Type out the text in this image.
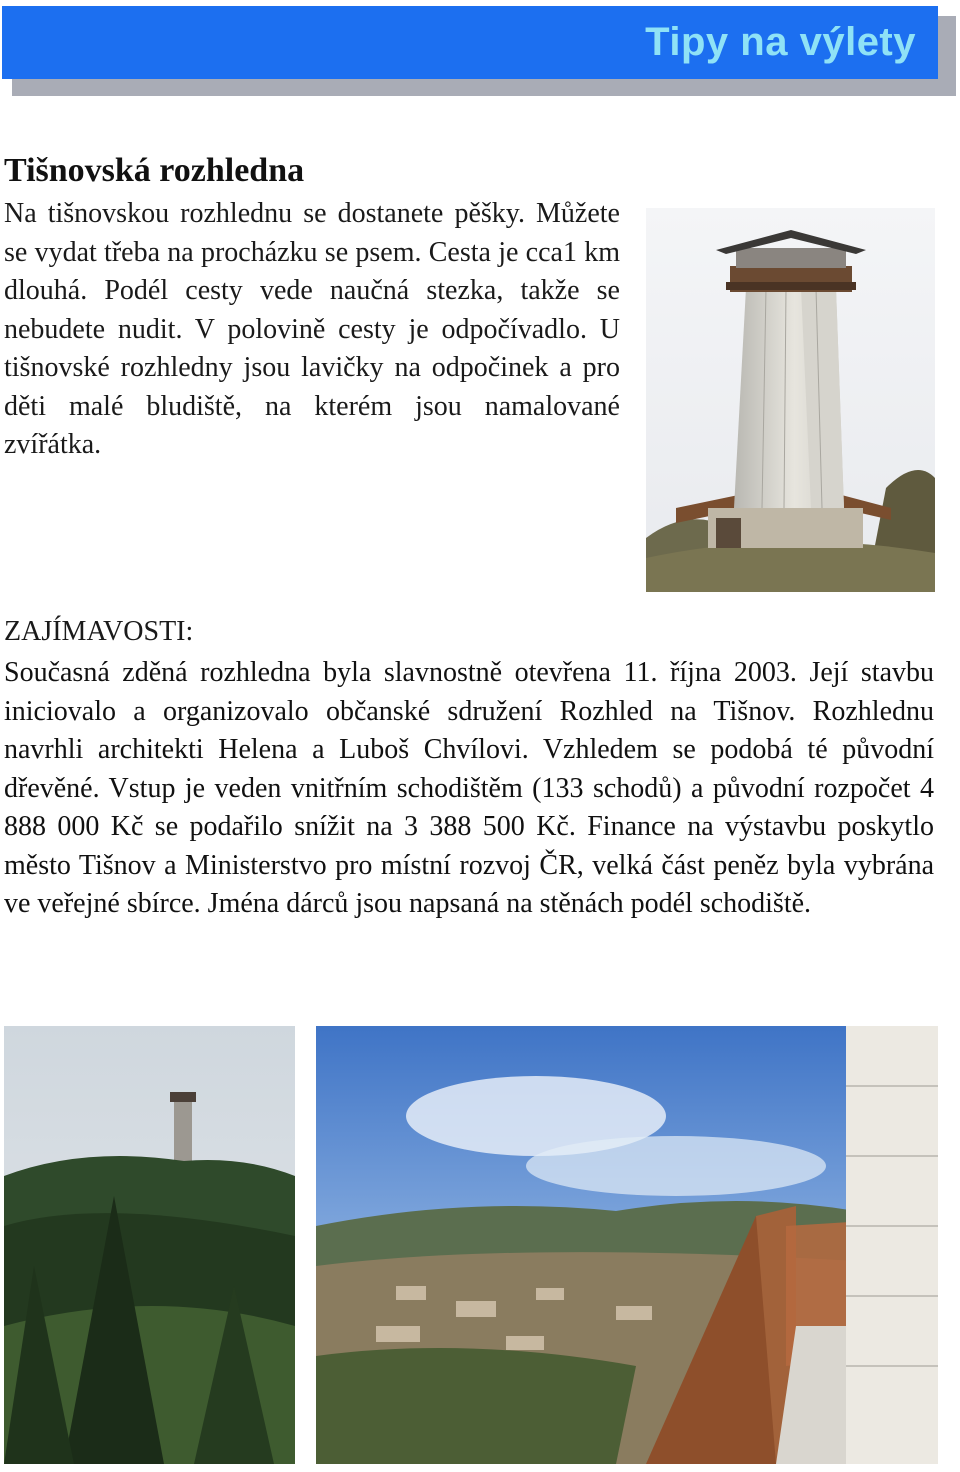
Tipy na výlety
Tišnovská rozhledna

Na tišnovskou rozhlednu se dostanete pěšky. Můžete se vydat třeba na procházku se psem. Cesta je cca1 km dlouhá. Podél cesty vede naučná stezka, takže se nebudete nudit. V polovině cesty je odpočívadlo. U tišnovské rozhledny jsou lavičky na odpočinek a pro děti malé bludiště, na kterém jsou namalované zvířátka.

ZAJÍMAVOSTI:

Současná zděná rozhledna byla slavnostně otevřena 11. října 2003. Její stavbu iniciovalo a organizovalo občanské sdružení Rozhled na Tišnov. Rozhlednu navrhli architekti Helena a Luboš Chvílovi. Vzhledem se podobá té původní dřevěné. Vstup je veden vnitřním schodištěm (133 schodů) a původní rozpočet 4 888 000 Kč se podařilo snížit na 3 388 500 Kč. Finance na výstavbu poskytlo město Tišnov a Ministerstvo pro místní rozvoj ČR, velká část peněz byla vybrána ve veřejné sbírce. Jména dárců jsou napsaná na stěnách podél schodiště.
